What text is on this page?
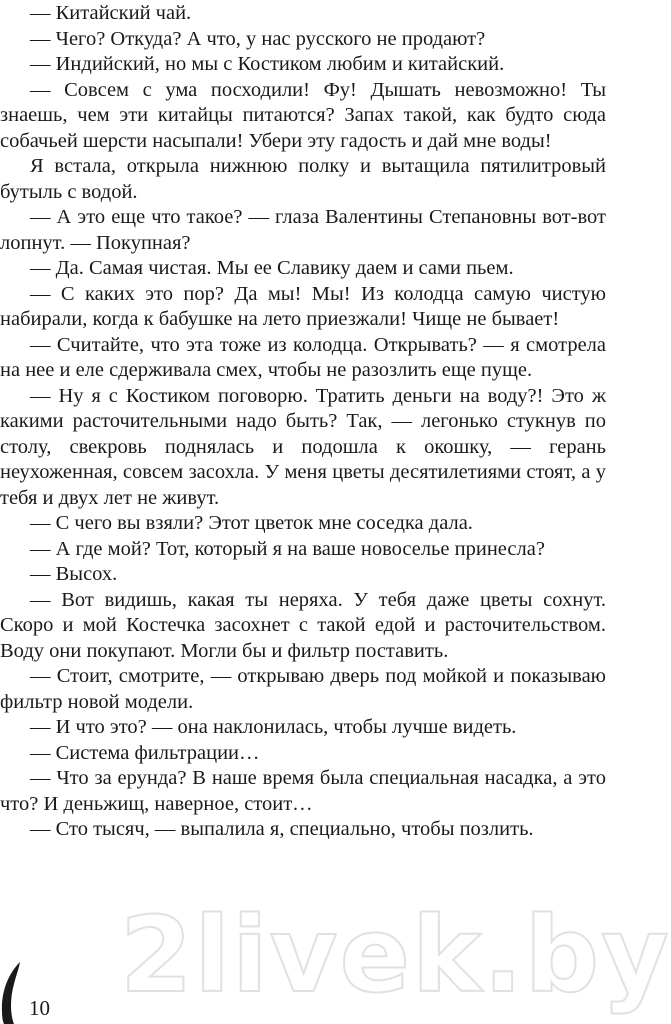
— Китайский чай.

— Чего? Откуда? А что, у нас русского не продают?

— Индийский, но мы с Костиком любим и китайский.

— Совсем с ума посходили! Фу! Дышать невозможно! Ты знаешь, чем эти китайцы питаются? Запах такой, как будто сюда собачьей шерсти насыпали! Убери эту гадость и дай мне воды!

Я встала, открыла нижнюю полку и вытащила пятилитровый бутыль с водой.

— А это еще что такое? — глаза Валентины Степановны вот-вот лопнут. — Покупная?

— Да. Самая чистая. Мы ее Славику даем и сами пьем.

— С каких это пор? Да мы! Мы! Из колодца самую чистую набирали, когда к бабушке на лето приезжали! Чище не бывает!

— Считайте, что эта тоже из колодца. Открывать? — я смотрела на нее и еле сдерживала смех, чтобы не разозлить еще пуще.

— Ну я с Костиком поговорю. Тратить деньги на воду?! Это ж какими расточительными надо быть? Так, — легонько стукнув по столу, свекровь поднялась и подошла к окошку, — герань неухоженная, совсем засохла. У меня цветы десятилетиями стоят, а у тебя и двух лет не живут.

— С чего вы взяли? Этот цветок мне соседка дала.

— А где мой? Тот, который я на ваше новоселье принесла?

— Высох.

— Вот видишь, какая ты неряха. У тебя даже цветы сохнут. Скоро и мой Костечка засохнет с такой едой и расточительством. Воду они покупают. Могли бы и фильтр поставить.

— Стоит, смотрите, — открываю дверь под мойкой и показываю фильтр новой модели.

— И что это? — она наклонилась, чтобы лучше видеть.

— Система фильтрации…

— Что за ерунда? В наше время была специальная насадка, а это что? И деньжищ, наверное, стоит…

— Сто тысяч, — выпалила я, специально, чтобы позлить.

2livek.by
10
